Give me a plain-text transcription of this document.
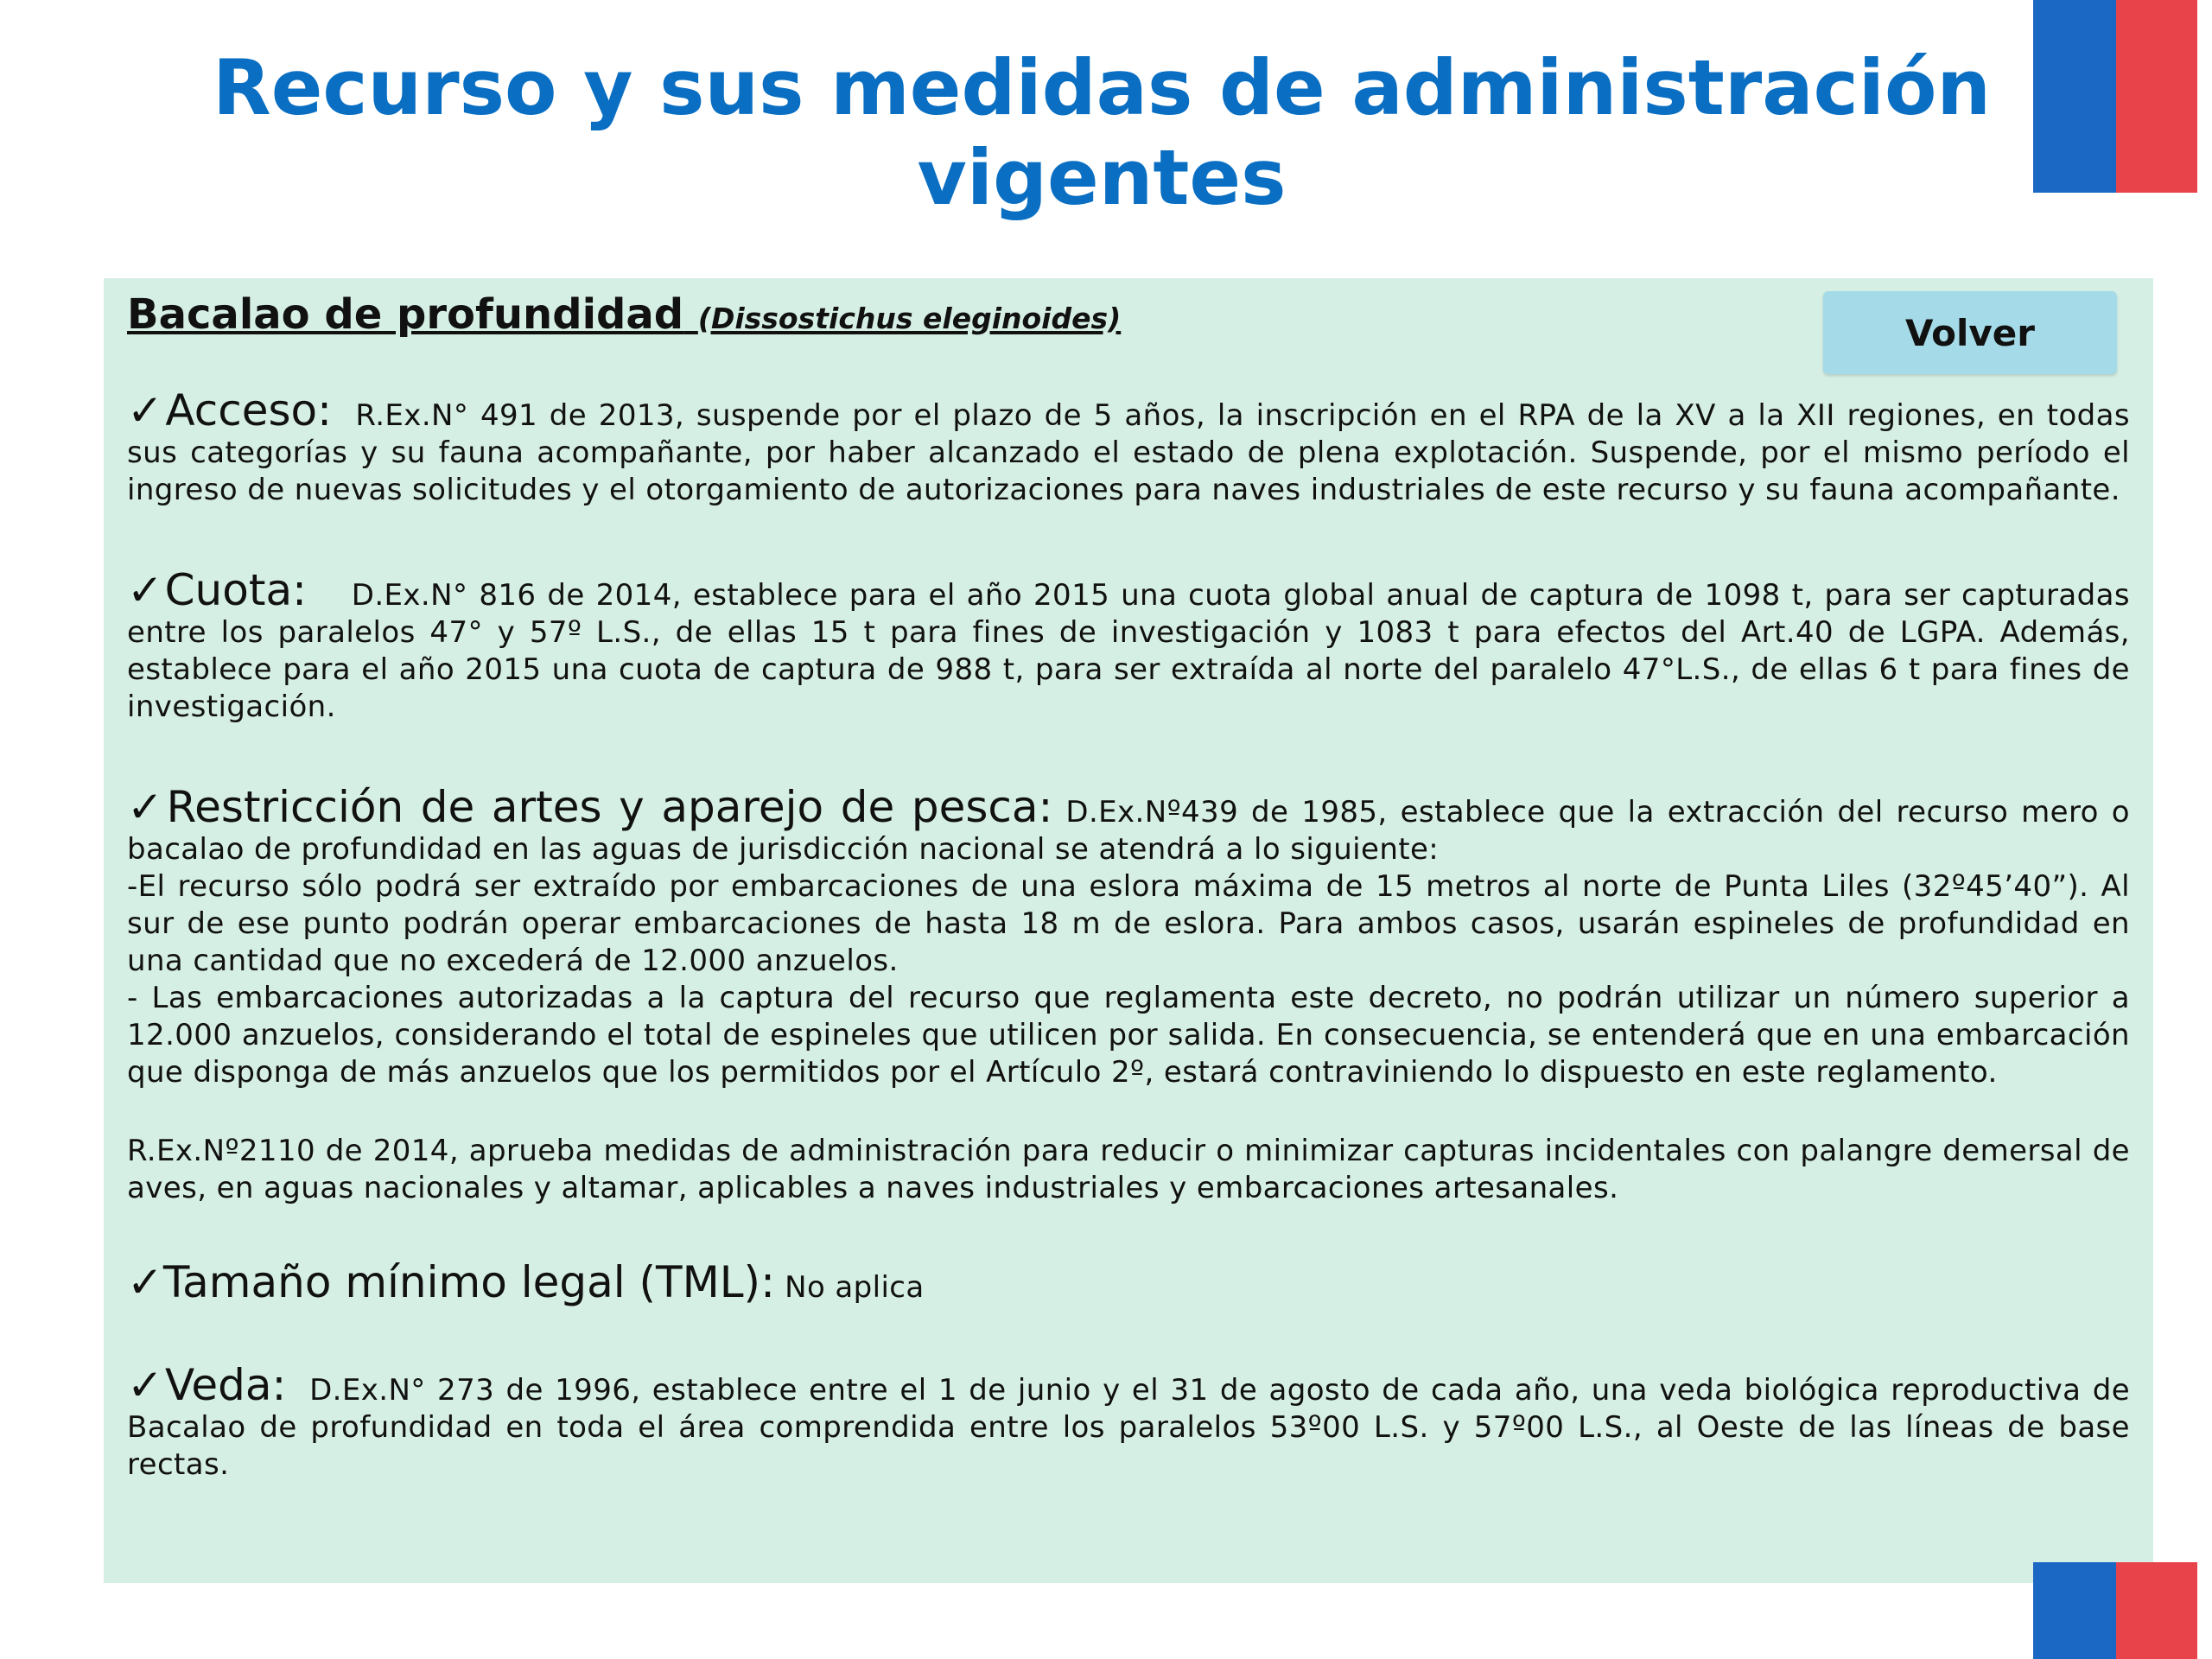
Recurso y sus medidas de administración
vigentes
Bacalao de profundidad (Dissostichus eleginoides)	Volver

✓Acceso: R.Ex.N° 491 de 2013, suspende por el plazo de 5 años, la inscripción en el RPA de la XV a la XII regiones, en todas sus categorías y su fauna acompañante, por haber alcanzado el estado de plena explotación. Suspende, por el mismo período el ingreso de nuevas solicitudes y el otorgamiento de autorizaciones para naves industriales de este recurso y su fauna acompañante.

✓Cuota: D.Ex.N° 816 de 2014, establece para el año 2015 una cuota global anual de captura de 1098 t, para ser capturadas entre los paralelos 47° y 57º L.S., de ellas 15 t para fines de investigación y 1083 t para efectos del Art.40 de LGPA. Además, establece para el año 2015 una cuota de captura de 988 t, para ser extraída al norte del paralelo 47°L.S., de ellas 6 t para fines de investigación.

✓Restricción de artes y aparejo de pesca: D.Ex.Nº439 de 1985, establece que la extracción del recurso mero o bacalao de profundidad en las aguas de jurisdicción nacional se atendrá a lo siguiente:

-El recurso sólo podrá ser extraído por embarcaciones de una eslora máxima de 15 metros al norte de Punta Liles (32º45’40”). Al sur de ese punto podrán operar embarcaciones de hasta 18 m de eslora. Para ambos casos, usarán espineles de profundidad en una cantidad que no excederá de 12.000 anzuelos.

- Las embarcaciones autorizadas a la captura del recurso que reglamenta este decreto, no podrán utilizar un número superior a 12.000 anzuelos, considerando el total de espineles que utilicen por salida. En consecuencia, se entenderá que en una embarcación que disponga de más anzuelos que los permitidos por el Artículo 2º, estará contraviniendo lo dispuesto en este reglamento.

R.Ex.Nº2110 de 2014, aprueba medidas de administración para reducir o minimizar capturas incidentales con palangre demersal de aves, en aguas nacionales y altamar, aplicables a naves industriales y embarcaciones artesanales.

✓Tamaño mínimo legal (TML): No aplica

✓Veda: D.Ex.N° 273 de 1996, establece entre el 1 de junio y el 31 de agosto de cada año, una veda biológica reproductiva de Bacalao de profundidad en toda el área comprendida entre los paralelos 53º00 L.S. y 57º00 L.S., al Oeste de las líneas de base rectas.
